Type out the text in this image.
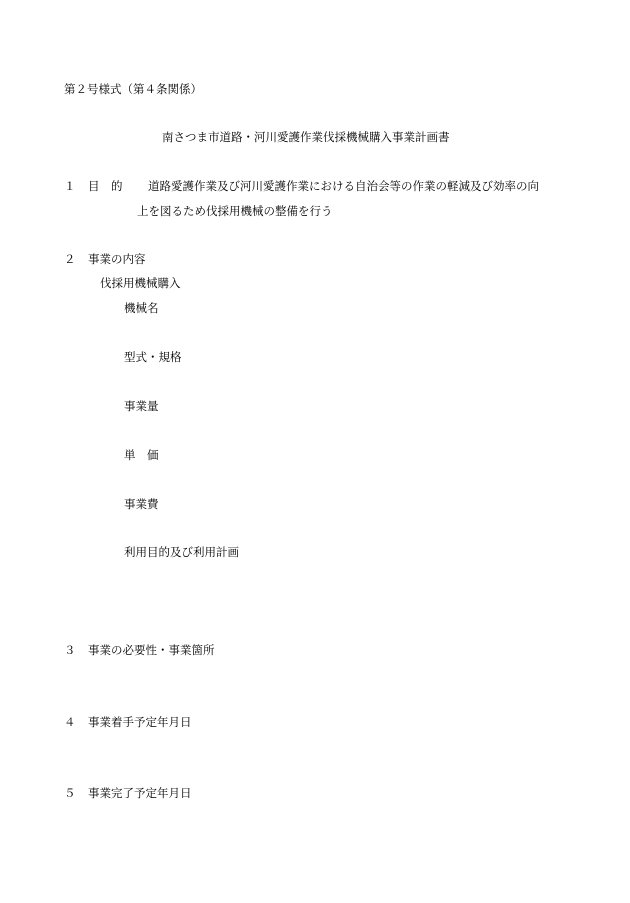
第２号様式（第４条関係）
南さつま市道路・河川愛護作業伐採機械購入事業計画書
１ 目　的 道路愛護作業及び河川愛護作業における自治会等の作業の軽減及び効率の向
上を図るため伐採用機械の整備を行う
２ 事業の内容
伐採用機械購入
機械名
型式・規格
事業量
単　価
事業費
利用目的及び利用計画
３ 事業の必要性・事業箇所
４ 事業着手予定年月日
５ 事業完了予定年月日
